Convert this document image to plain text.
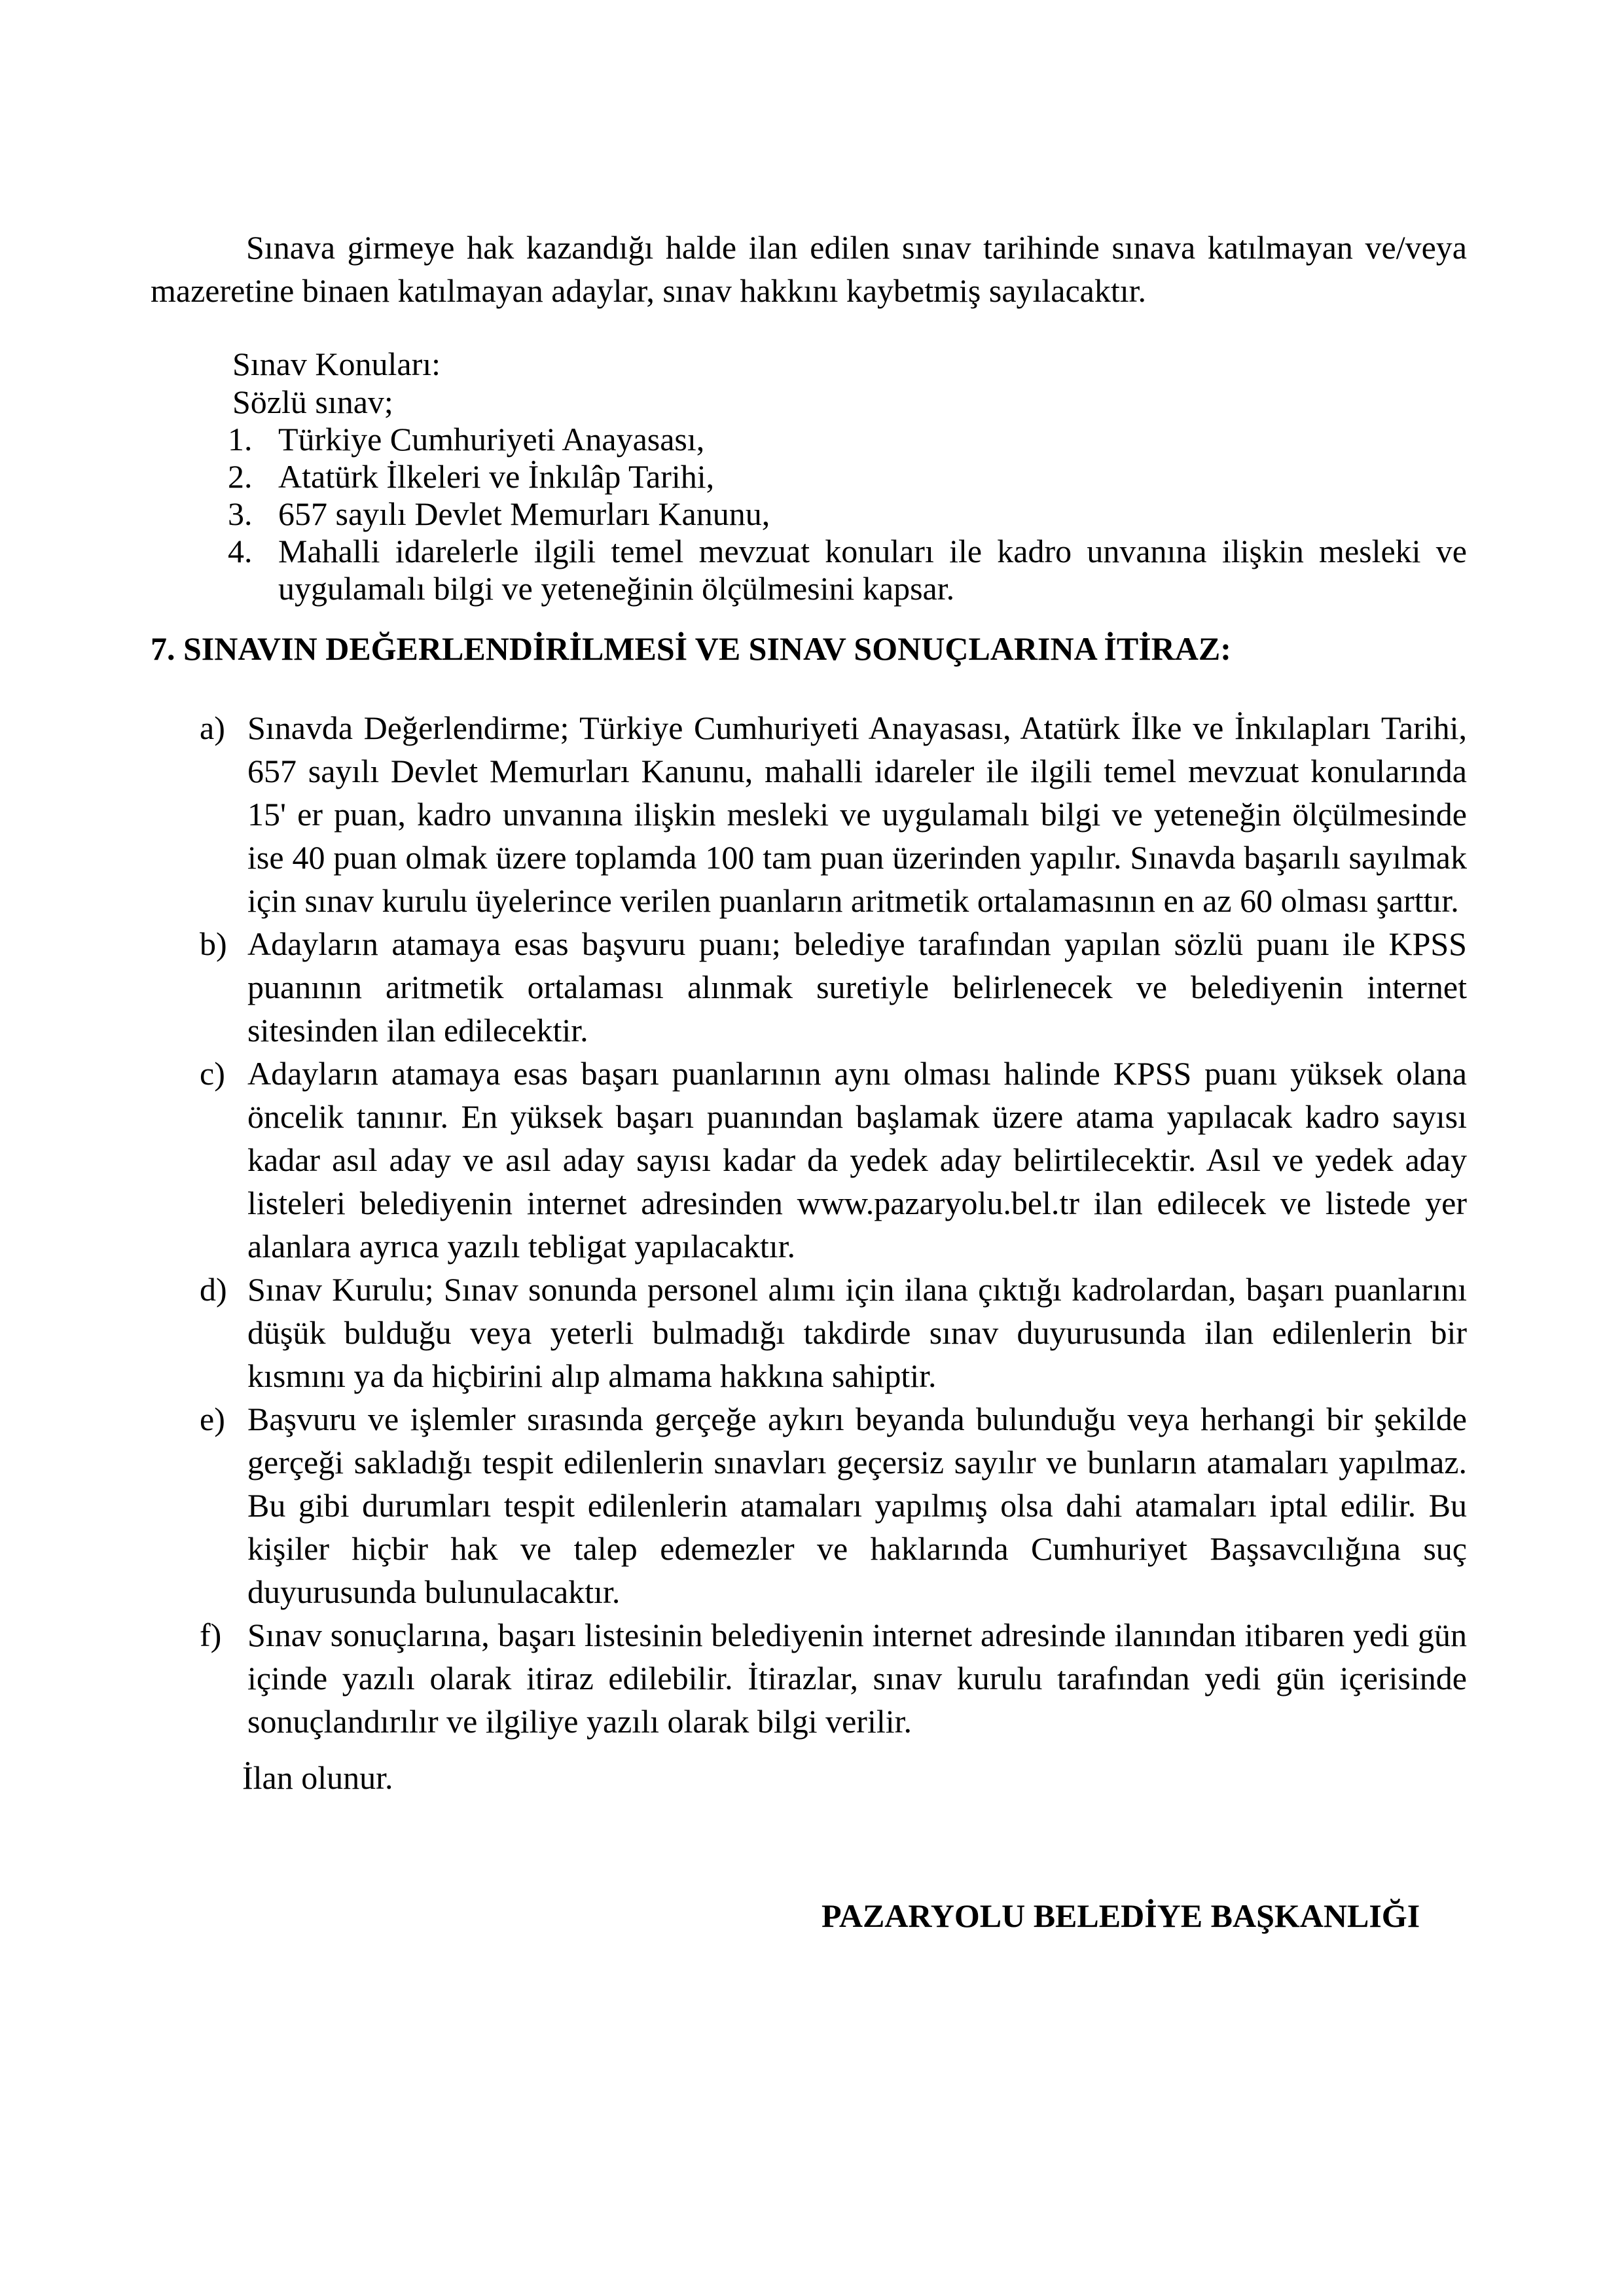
Sınava girmeye hak kazandığı halde ilan edilen sınav tarihinde sınava katılmayan ve/veya mazeretine binaen katılmayan adaylar, sınav hakkını kaybetmiş sayılacaktır.

Sınav Konuları:
Sözlü sınav;
1. Türkiye Cumhuriyeti Anayasası,
2. Atatürk İlkeleri ve İnkılâp Tarihi,
3. 657 sayılı Devlet Memurları Kanunu,
4. Mahalli idarelerle ilgili temel mevzuat konuları ile kadro unvanına ilişkin mesleki ve uygulamalı bilgi ve yeteneğinin ölçülmesini kapsar.
7. SINAVIN DEĞERLENDİRİLMESİ VE SINAV SONUÇLARINA İTİRAZ:
a) Sınavda Değerlendirme; Türkiye Cumhuriyeti Anayasası, Atatürk İlke ve İnkılapları Tarihi, 657 sayılı Devlet Memurları Kanunu, mahalli idareler ile ilgili temel mevzuat konularında 15' er puan, kadro unvanına ilişkin mesleki ve uygulamalı bilgi ve yeteneğin ölçülmesinde ise 40 puan olmak üzere toplamda 100 tam puan üzerinden yapılır. Sınavda başarılı sayılmak için sınav kurulu üyelerince verilen puanların aritmetik ortalamasının en az 60 olması şarttır.
b) Adayların atamaya esas başvuru puanı; belediye tarafından yapılan sözlü puanı ile KPSS puanının aritmetik ortalaması alınmak suretiyle belirlenecek ve belediyenin internet sitesinden ilan edilecektir.
c) Adayların atamaya esas başarı puanlarının aynı olması halinde KPSS puanı yüksek olana öncelik tanınır. En yüksek başarı puanından başlamak üzere atama yapılacak kadro sayısı kadar asıl aday ve asıl aday sayısı kadar da yedek aday belirtilecektir. Asıl ve yedek aday listeleri belediyenin internet adresinden www.pazaryolu.bel.tr ilan edilecek ve listede yer alanlara ayrıca yazılı tebligat yapılacaktır.
d) Sınav Kurulu; Sınav sonunda personel alımı için ilana çıktığı kadrolardan, başarı puanlarını düşük bulduğu veya yeterli bulmadığı takdirde sınav duyurusunda ilan edilenlerin bir kısmını ya da hiçbirini alıp almama hakkına sahiptir.
e) Başvuru ve işlemler sırasında gerçeğe aykırı beyanda bulunduğu veya herhangi bir şekilde gerçeği sakladığı tespit edilenlerin sınavları geçersiz sayılır ve bunların atamaları yapılmaz. Bu gibi durumları tespit edilenlerin atamaları yapılmış olsa dahi atamaları iptal edilir. Bu kişiler hiçbir hak ve talep edemezler ve haklarında Cumhuriyet Başsavcılığına suç duyurusunda bulunulacaktır.
f) Sınav sonuçlarına, başarı listesinin belediyenin internet adresinde ilanından itibaren yedi gün içinde yazılı olarak itiraz edilebilir. İtirazlar, sınav kurulu tarafından yedi gün içerisinde sonuçlandırılır ve ilgiliye yazılı olarak bilgi verilir.
İlan olunur.
PAZARYOLU BELEDİYE BAŞKANLIĞI
